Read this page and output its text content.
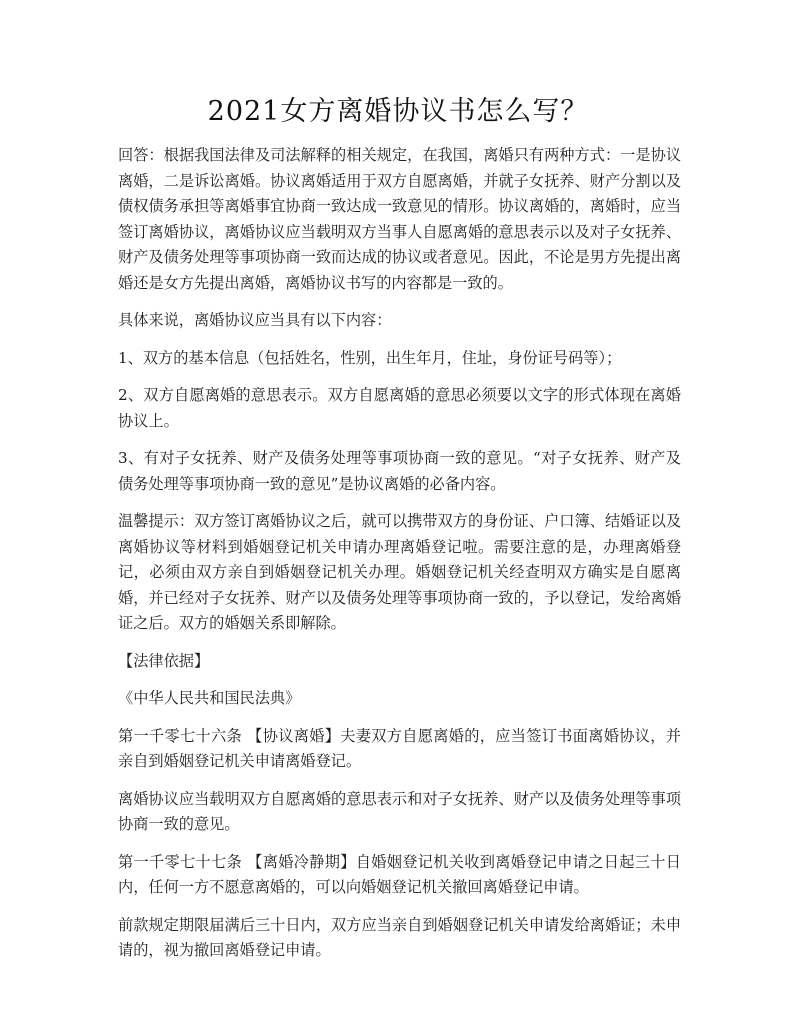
2021女方离婚协议书怎么写？

回答：根据我国法律及司法解释的相关规定，在我国，离婚只有两种方式：一是协议离婚，二是诉讼离婚。协议离婚适用于双方自愿离婚，并就子女抚养、财产分割以及债权债务承担等离婚事宜协商一致达成一致意见的情形。协议离婚的，离婚时，应当签订离婚协议，离婚协议应当载明双方当事人自愿离婚的意思表示以及对子女抚养、财产及债务处理等事项协商一致而达成的协议或者意见。因此，不论是男方先提出离婚还是女方先提出离婚，离婚协议书写的内容都是一致的。

具体来说，离婚协议应当具有以下内容：

1、双方的基本信息（包括姓名，性别，出生年月，住址，身份证号码等）；

2、双方自愿离婚的意思表示。双方自愿离婚的意思必须要以文字的形式体现在离婚协议上。

3、有对子女抚养、财产及债务处理等事项协商一致的意见。“对子女抚养、财产及债务处理等事项协商一致的意见”是协议离婚的必备内容。

温馨提示：双方签订离婚协议之后，就可以携带双方的身份证、户口簿、结婚证以及离婚协议等材料到婚姻登记机关申请办理离婚登记啦。需要注意的是，办理离婚登记，必须由双方亲自到婚姻登记机关办理。婚姻登记机关经查明双方确实是自愿离婚，并已经对子女抚养、财产以及债务处理等事项协商一致的，予以登记，发给离婚证之后。双方的婚姻关系即解除。

【法律依据】

《中华人民共和国民法典》

第一千零七十六条 【协议离婚】夫妻双方自愿离婚的，应当签订书面离婚协议，并亲自到婚姻登记机关申请离婚登记。

离婚协议应当载明双方自愿离婚的意思表示和对子女抚养、财产以及债务处理等事项协商一致的意见。

第一千零七十七条 【离婚冷静期】自婚姻登记机关收到离婚登记申请之日起三十日内，任何一方不愿意离婚的，可以向婚姻登记机关撤回离婚登记申请。

前款规定期限届满后三十日内，双方应当亲自到婚姻登记机关申请发给离婚证；未申请的，视为撤回离婚登记申请。
